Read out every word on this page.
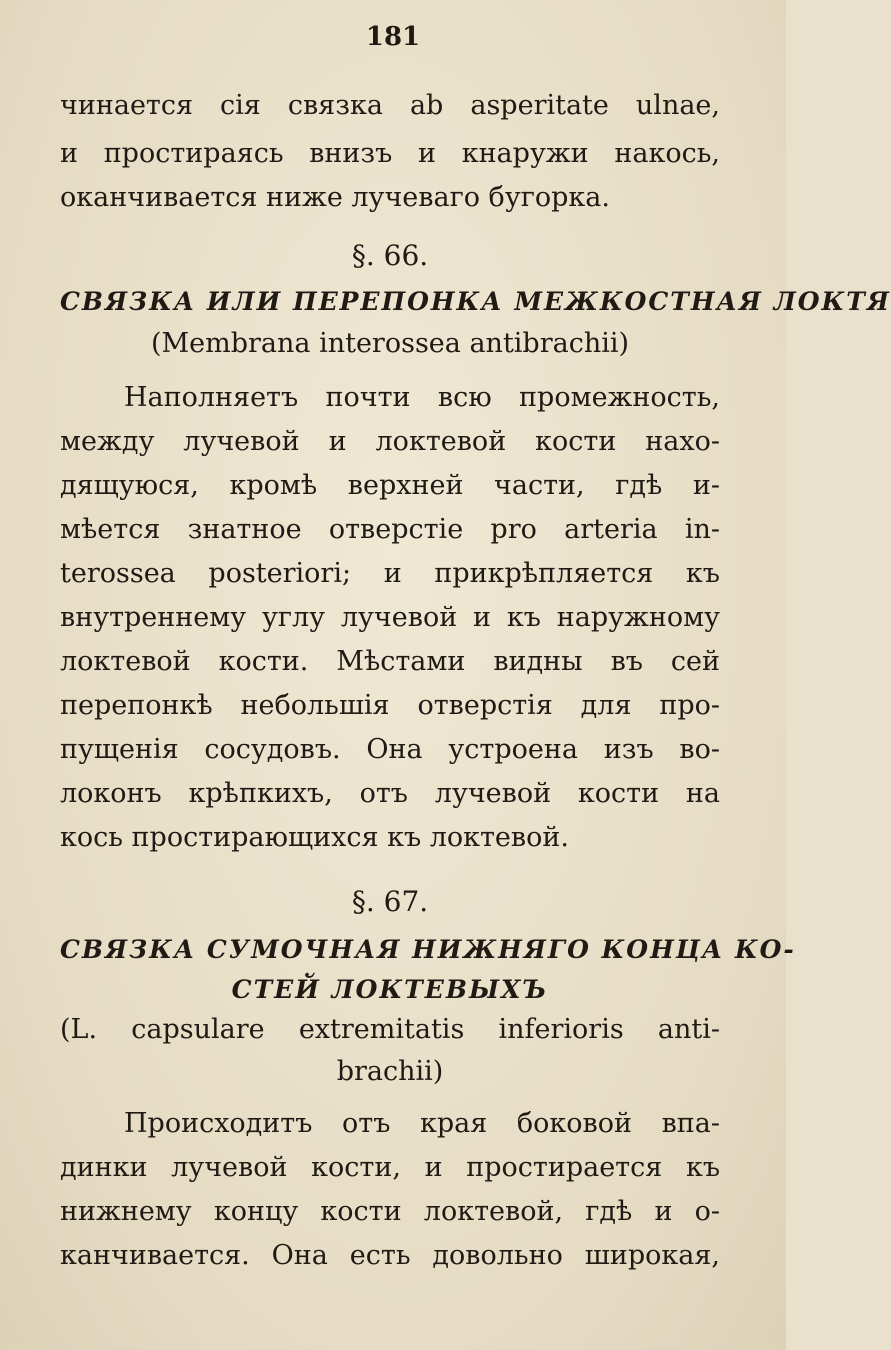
181
чинается сія связка ab asperitate ulnae,
и простираясь внизъ и кнаружи накось,
оканчивается ниже лучеваго бугорка.
§. 66.
СВЯЗКА ИЛИ ПЕРЕПОНКА МЕЖКОСТНАЯ ЛОКТЯ
(Membrana interossea antibrachii)
Наполняетъ почти всю промежность,
между лучевой и локтевой кости нахо-
дящуюся, кромѣ верхней части, гдѣ и-
мѣется знатное отверстіе pro arteria in-
terossea posteriori; и прикрѣпляется къ
внутреннему углу лучевой и къ наружному
локтевой кости. Мѣстами видны въ сей
перепонкѣ небольшія отверстія для про-
пущенія сосудовъ. Она устроена изъ во-
локонъ крѣпкихъ, отъ лучевой кости на
кось простирающихся къ локтевой.
§. 67.
СВЯЗКА СУМОЧНАЯ НИЖНЯГО КОНЦА КО-
СТЕЙ ЛОКТЕВЫХЪ
(L. capsulare extremitatis inferioris anti-
brachii)
Происходитъ отъ края боковой впа-
динки лучевой кости, и простирается къ
нижнему концу кости локтевой, гдѣ и о-
канчивается. Она есть довольно широкая,
